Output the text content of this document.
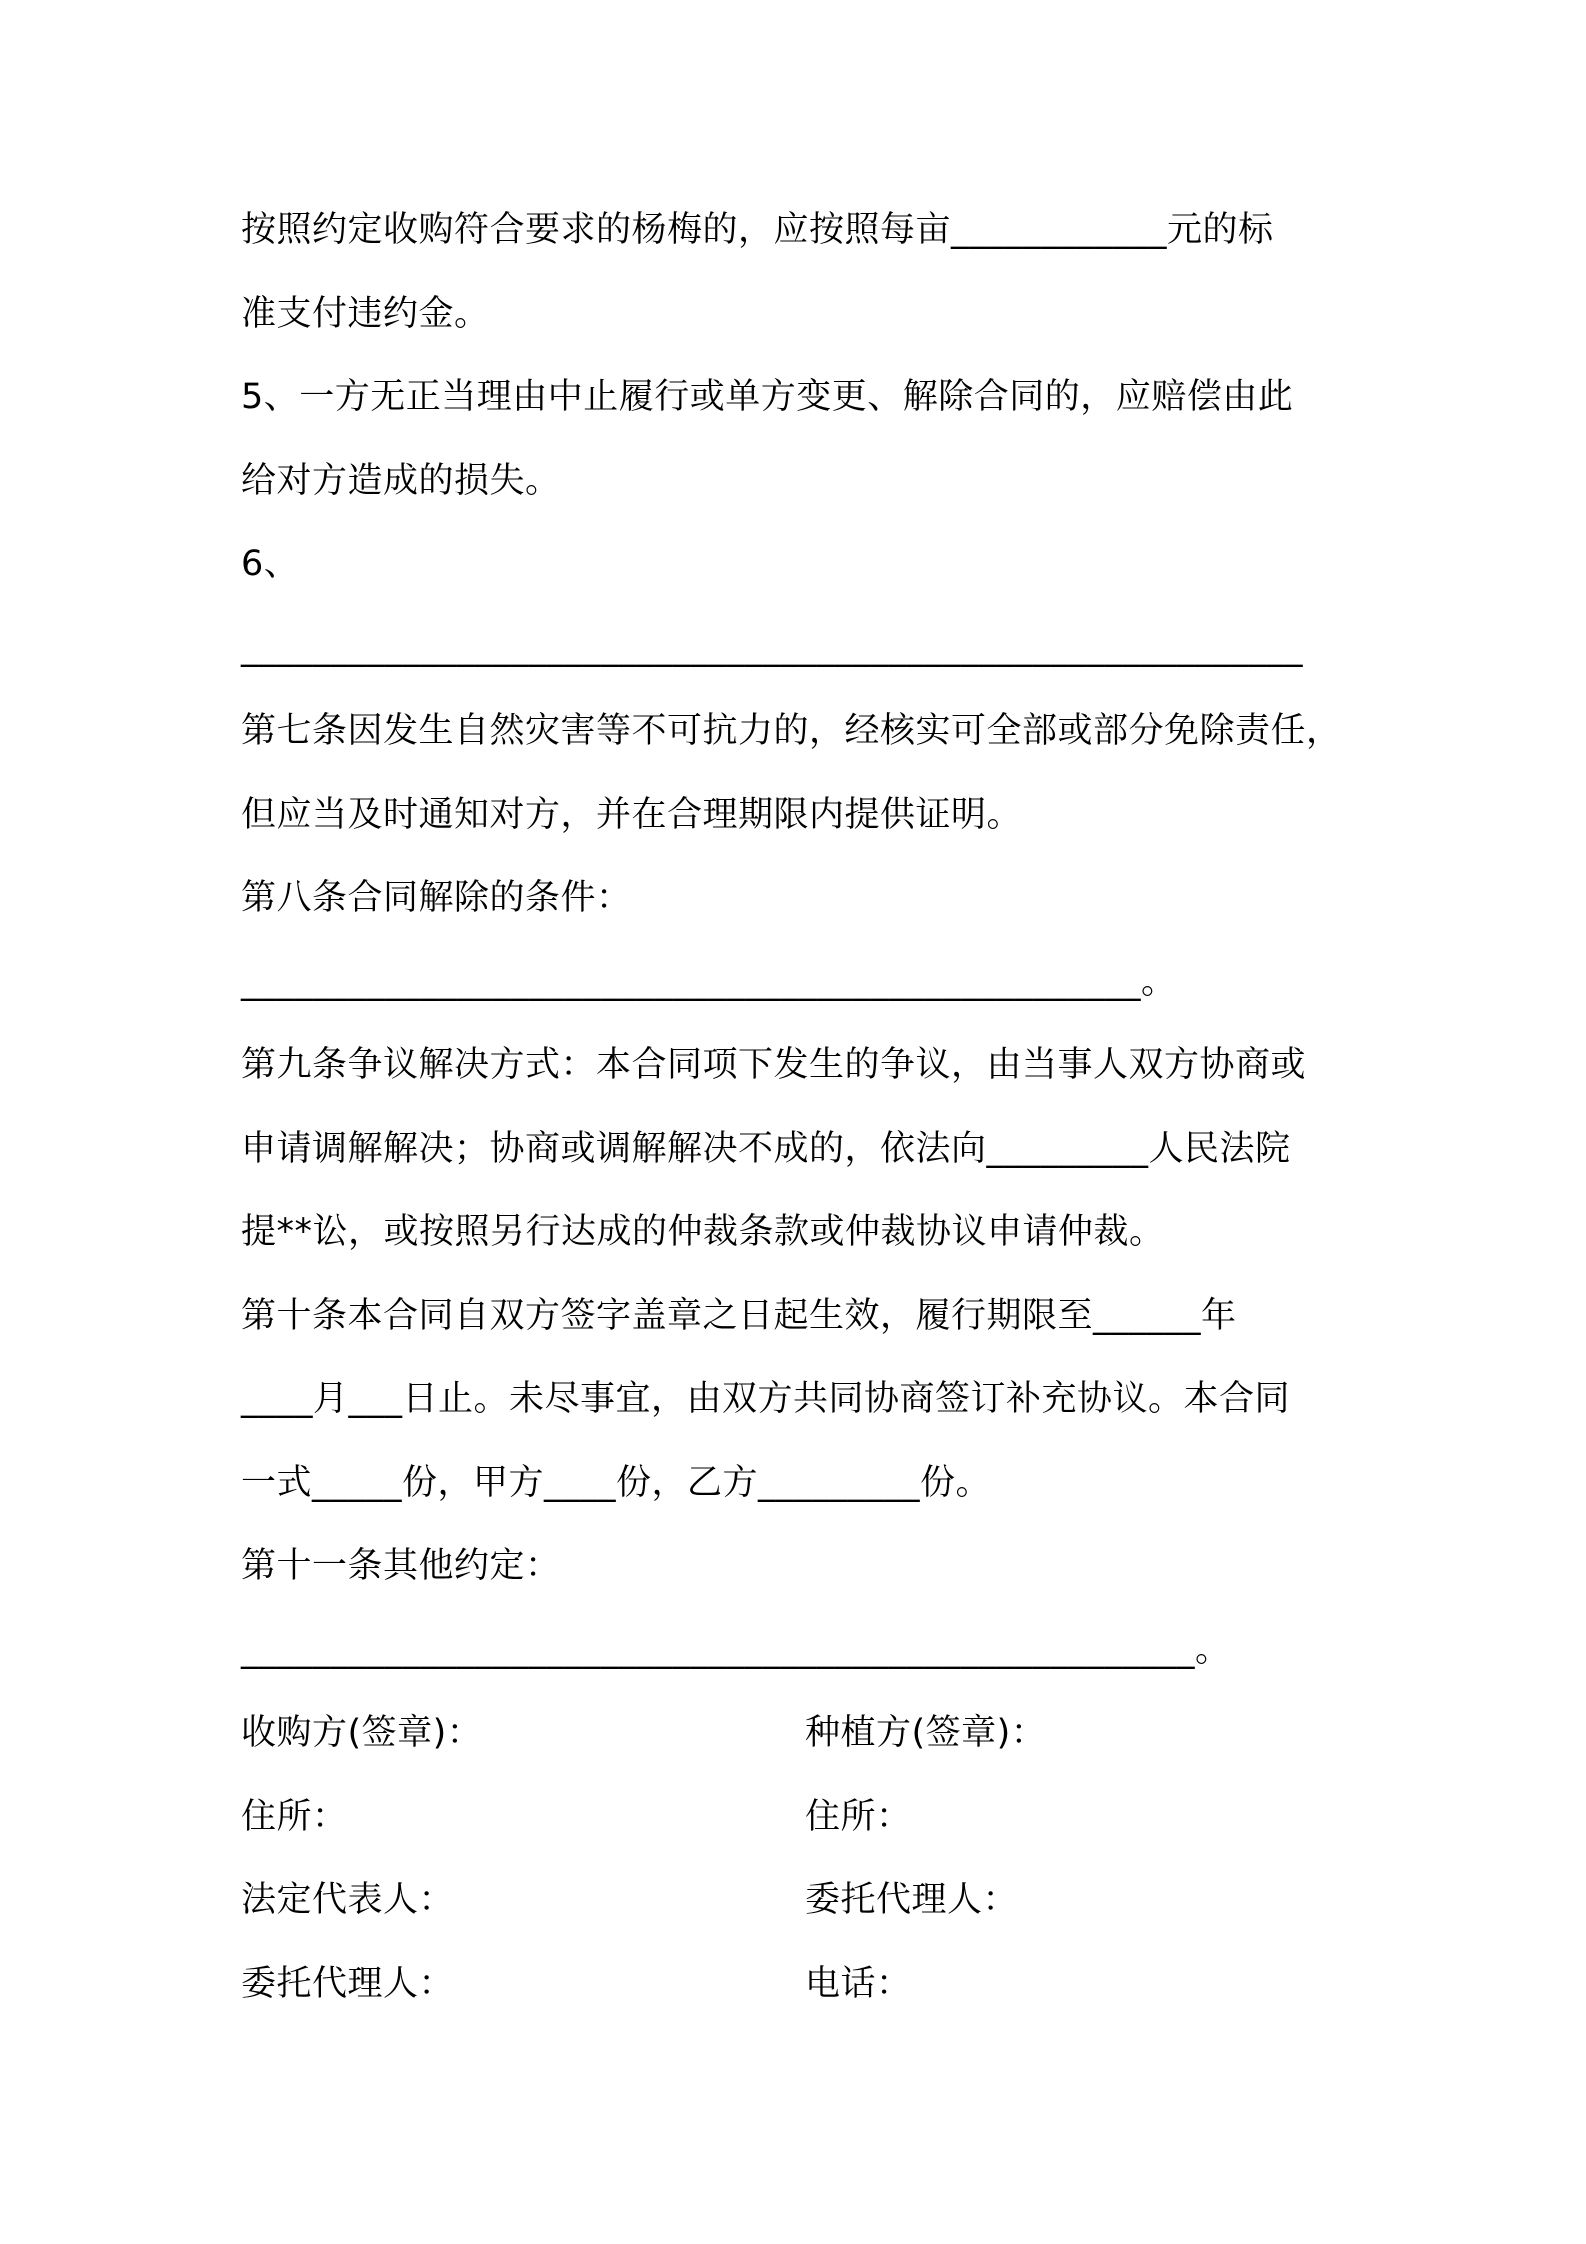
按照约定收购符合要求的杨梅的，应按照每亩____________元的标
准支付违约金。
5、一方无正当理由中止履行或单方变更、解除合同的，应赔偿由此
给对方造成的损失。
6、
___________________________________________________________
第七条因发生自然灾害等不可抗力的，经核实可全部或部分免除责任，
但应当及时通知对方，并在合理期限内提供证明。
第八条合同解除的条件：
__________________________________________________。
第九条争议解决方式：本合同项下发生的争议，由当事人双方协商或
申请调解解决；协商或调解解决不成的，依法向_________人民法院
提**讼，或按照另行达成的仲裁条款或仲裁协议申请仲裁。
第十条本合同自双方签字盖章之日起生效，履行期限至______年
____月___日止。未尽事宜，由双方共同协商签订补充协议。本合同
一式_____份，甲方____份，乙方_________份。
第十一条其他约定：
_____________________________________________________。
收购方(签章)：	种植方(签章)：
住所：	住所：
法定代表人：	委托代理人：
委托代理人：	电话：
